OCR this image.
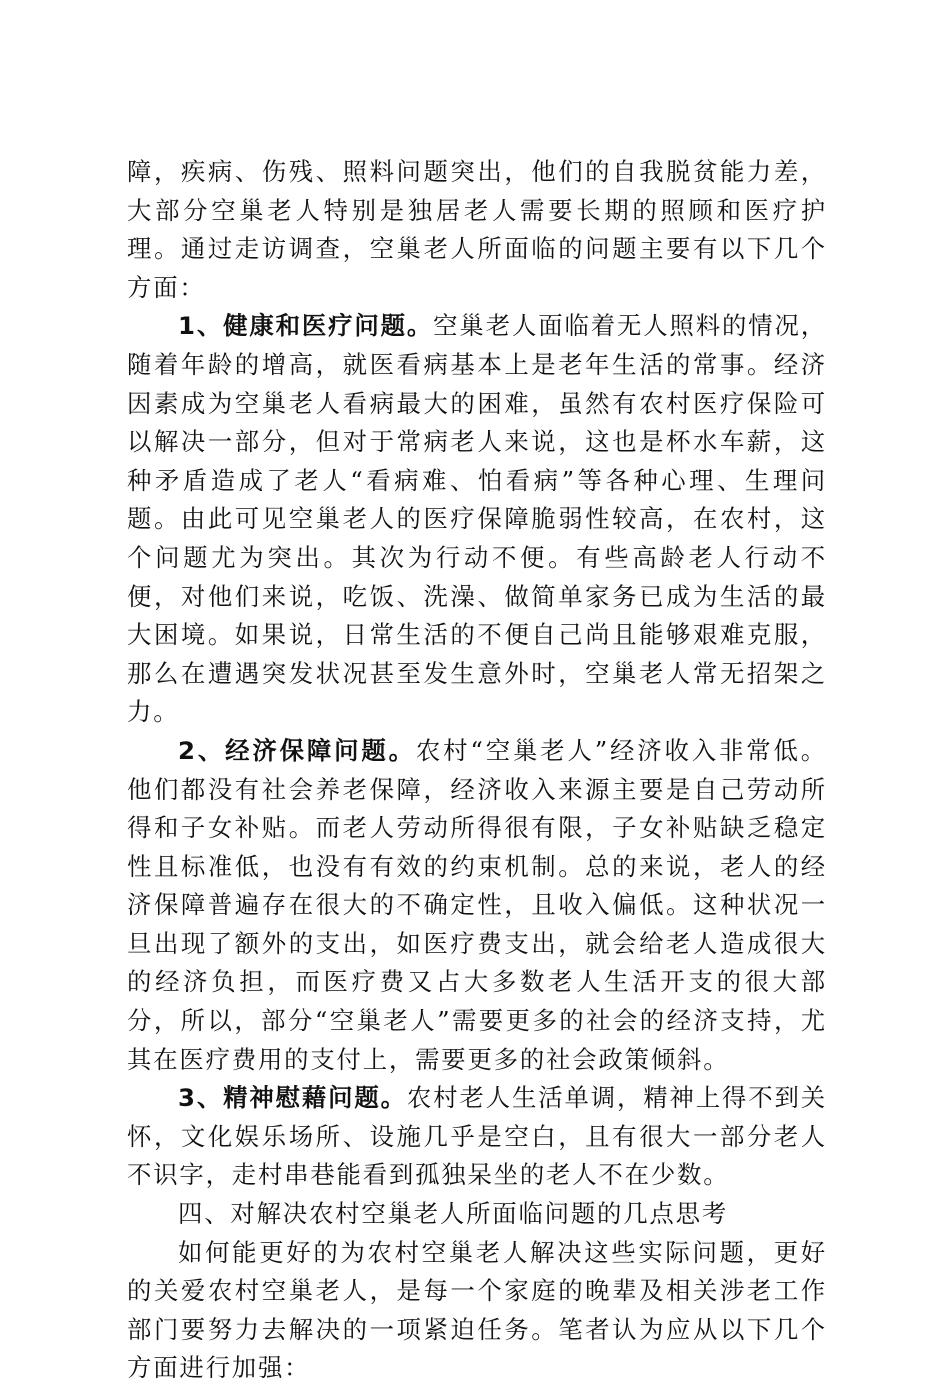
障，疾病、伤残、照料问题突出，他们的自我脱贫能力差，大部分空巢老人特别是独居老人需要长期的照顾和医疗护理。通过走访调查，空巢老人所面临的问题主要有以下几个方面：

1、健康和医疗问题。空巢老人面临着无人照料的情况，随着年龄的增高，就医看病基本上是老年生活的常事。经济因素成为空巢老人看病最大的困难，虽然有农村医疗保险可以解决一部分，但对于常病老人来说，这也是杯水车薪，这种矛盾造成了老人“看病难、怕看病”等各种心理、生理问题。由此可见空巢老人的医疗保障脆弱性较高，在农村，这个问题尤为突出。其次为行动不便。有些高龄老人行动不便，对他们来说，吃饭、洗澡、做简单家务已成为生活的最大困境。如果说，日常生活的不便自己尚且能够艰难克服，那么在遭遇突发状况甚至发生意外时，空巢老人常无招架之力。

2、经济保障问题。农村“空巢老人”经济收入非常低。他们都没有社会养老保障，经济收入来源主要是自己劳动所得和子女补贴。而老人劳动所得很有限，子女补贴缺乏稳定性且标准低，也没有有效的约束机制。总的来说，老人的经济保障普遍存在很大的不确定性，且收入偏低。这种状况一旦出现了额外的支出，如医疗费支出，就会给老人造成很大的经济负担，而医疗费又占大多数老人生活开支的很大部分，所以，部分“空巢老人”需要更多的社会的经济支持，尤其在医疗费用的支付上，需要更多的社会政策倾斜。

3、精神慰藉问题。农村老人生活单调，精神上得不到关怀，文化娱乐场所、设施几乎是空白，且有很大一部分老人不识字，走村串巷能看到孤独呆坐的老人不在少数。

四、对解决农村空巢老人所面临问题的几点思考

如何能更好的为农村空巢老人解决这些实际问题，更好的关爱农村空巢老人，是每一个家庭的晚辈及相关涉老工作部门要努力去解决的一项紧迫任务。笔者认为应从以下几个方面进行加强：
